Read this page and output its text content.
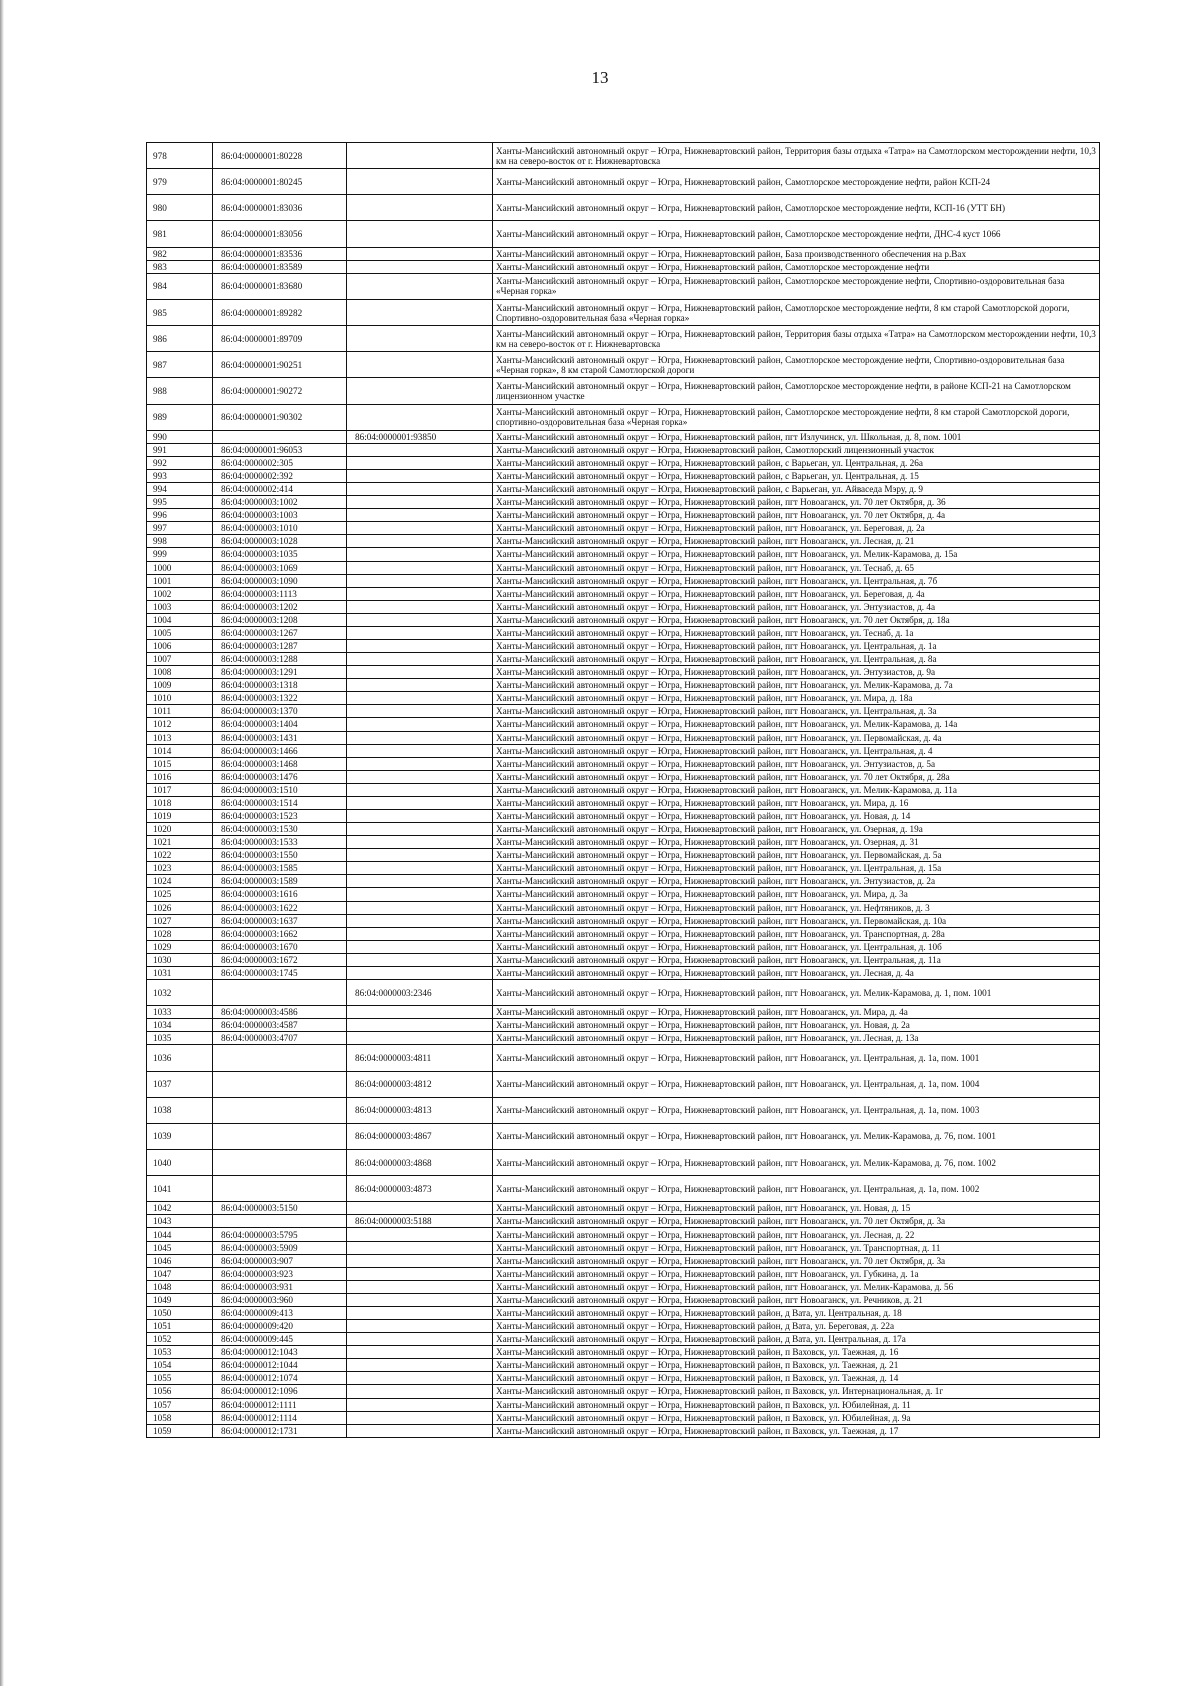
13
978	86:04:0000001:80228		Ханты-Мансийский автономный округ – Югра, Нижневартовский район, Территория базы отдыха «Татра» на Самотлорском месторождении нефти, 10,3 км на северо-восток от г. Нижневартовска
979	86:04:0000001:80245		Ханты-Мансийский автономный округ – Югра, Нижневартовский район, Самотлорское месторождение нефти, район КСП-24
980	86:04:0000001:83036		Ханты-Мансийский автономный округ – Югра, Нижневартовский район, Самотлорское месторождение нефти, КСП-16 (УТТ БН)
981	86:04:0000001:83056		Ханты-Мансийский автономный округ – Югра, Нижневартовский район, Самотлорское месторождение нефти, ДНС-4 куст 1066
982	86:04:0000001:83536		Ханты-Мансийский автономный округ – Югра, Нижневартовский район, База производственного обеспечения на р.Вах
983	86:04:0000001:83589		Ханты-Мансийский автономный округ – Югра, Нижневартовский район, Самотлорское месторождение нефти
984	86:04:0000001:83680		Ханты-Мансийский автономный округ – Югра, Нижневартовский район, Самотлорское месторождение нефти, Спортивно-оздоровительная база «Черная горка»
985	86:04:0000001:89282		Ханты-Мансийский автономный округ – Югра, Нижневартовский район, Самотлорское месторождение нефти, 8 км старой Самотлорской дороги, Спортивно-оздоровительная база «Черная горка»
986	86:04:0000001:89709		Ханты-Мансийский автономный округ – Югра, Нижневартовский район, Территория базы отдыха «Татра» на Самотлорском месторождении нефти, 10,3 км на северо-восток от г. Нижневартовска
987	86:04:0000001:90251		Ханты-Мансийский автономный округ – Югра, Нижневартовский район, Самотлорское месторождение нефти, Спортивно-оздоровительная база «Черная горка», 8 км старой Самотлорской дороги
988	86:04:0000001:90272		Ханты-Мансийский автономный округ – Югра, Нижневартовский район, Самотлорское месторождение нефти, в районе КСП-21 на Самотлорском лицензионном участке
989	86:04:0000001:90302		Ханты-Мансийский автономный округ – Югра, Нижневартовский район, Самотлорское месторождение нефти, 8 км старой Самотлорской дороги, спортивно-оздоровительная база «Черная горка»
990		86:04:0000001:93850	Ханты-Мансийский автономный округ – Югра, Нижневартовский район, пгт Излучинск, ул. Школьная, д. 8, пом. 1001
991	86:04:0000001:96053		Ханты-Мансийский автономный округ – Югра, Нижневартовский район, Самотлорский лицензионный участок
992	86:04:0000002:305		Ханты-Мансийский автономный округ – Югра, Нижневартовский район, с Ваpьеган, ул. Центральная, д. 26а
993	86:04:0000002:392		Ханты-Мансийский автономный округ – Югра, Нижневартовский район, с Варьеган, ул. Центральная, д. 15
994	86:04:0000002:414		Ханты-Мансийский автономный округ – Югра, Нижневартовский район, с Варьеган, ул. Айваседа Мэру, д. 9
995	86:04:0000003:1002		Ханты-Мансийский автономный округ – Югра, Нижневартовский район, пгт Новоаганск, ул. 70 лет Октября, д. 36
996	86:04:0000003:1003		Ханты-Мансийский автономный округ – Югра, Нижневартовский район, пгт Новоаганск, ул. 70 лет Октября, д. 4а
997	86:04:0000003:1010		Ханты-Мансийский автономный округ – Югра, Нижневартовский район, пгт Новоаганск, ул. Береговая, д. 2а
998	86:04:0000003:1028		Ханты-Мансийский автономный округ – Югра, Нижневартовский район, пгт Новоаганск, ул. Лесная, д. 21
999	86:04:0000003:1035		Ханты-Мансийский автономный округ – Югра, Нижневартовский район, пгт Новоаганск, ул. Мелик-Карамова, д. 15а
1000	86:04:0000003:1069		Ханты-Мансийский автономный округ – Югра, Нижневартовский район, пгт Новоаганск, ул. Теснаб, д. 65
1001	86:04:0000003:1090		Ханты-Мансийский автономный округ – Югра, Нижневартовский район, пгт Новоаганск, ул. Центральная, д. 7б
1002	86:04:0000003:1113		Ханты-Мансийский автономный округ – Югра, Нижневартовский район, пгт Новоаганск, ул. Береговая, д. 4а
1003	86:04:0000003:1202		Ханты-Мансийский автономный округ – Югра, Нижневартовский район, пгт Новоаганск, ул. Энтузиастов, д. 4а
1004	86:04:0000003:1208		Ханты-Мансийский автономный округ – Югра, Нижневартовский район, пгт Новоаганск, ул. 70 лет Октября, д. 18а
1005	86:04:0000003:1267		Ханты-Мансийский автономный округ – Югра, Нижневартовский район, пгт Новоаганск, ул. Теснаб, д. 1а
1006	86:04:0000003:1287		Ханты-Мансийский автономный округ – Югра, Нижневартовский район, пгт Новоаганск, ул. Центральная, д. 1а
1007	86:04:0000003:1288		Ханты-Мансийский автономный округ – Югра, Нижневартовский район, пгт Новоаганск, ул. Центральная, д. 8а
1008	86:04:0000003:1291		Ханты-Мансийский автономный округ – Югра, Нижневартовский район, пгт Новоаганск, ул. Энтузиастов, д. 9а
1009	86:04:0000003:1318		Ханты-Мансийский автономный округ – Югра, Нижневартовский район, пгт Новоаганск, ул. Мелик-Карамова, д. 7а
1010	86:04:0000003:1322		Ханты-Мансийский автономный округ – Югра, Нижневартовский район, пгт Новоаганск, ул. Мира, д. 18а
1011	86:04:0000003:1370		Ханты-Мансийский автономный округ – Югра, Нижневартовский район, пгт Новоаганск, ул. Центральная, д. 3а
1012	86:04:0000003:1404		Ханты-Мансийский автономный округ – Югра, Нижневартовский район, пгт Новоаганск, ул. Мелик-Карамова, д. 14а
1013	86:04:0000003:1431		Ханты-Мансийский автономный округ – Югра, Нижневартовский район, пгт Новоаганск, ул. Первомайская, д. 4а
1014	86:04:0000003:1466		Ханты-Мансийский автономный округ – Югра, Нижневартовский район, пгт Новоаганск, ул. Центральная, д. 4
1015	86:04:0000003:1468		Ханты-Мансийский автономный округ – Югра, Нижневартовский район, пгт Новоаганск, ул. Энтузиастов, д. 5а
1016	86:04:0000003:1476		Ханты-Мансийский автономный округ – Югра, Нижневартовский район, пгт Новоаганск, ул. 70 лет Октября, д. 28а
1017	86:04:0000003:1510		Ханты-Мансийский автономный округ – Югра, Нижневартовский район, пгт Новоаганск, ул. Мелик-Карамова, д. 11а
1018	86:04:0000003:1514		Ханты-Мансийский автономный округ – Югра, Нижневартовский район, пгт Новоаганск, ул. Мира, д. 16
1019	86:04:0000003:1523		Ханты-Мансийский автономный округ – Югра, Нижневартовский район, пгт Новоаганск, ул. Новая, д. 14
1020	86:04:0000003:1530		Ханты-Мансийский автономный округ – Югра, Нижневартовский район, пгт Новоаганск, ул. Озерная, д. 19а
1021	86:04:0000003:1533		Ханты-Мансийский автономный округ – Югра, Нижневартовский район, пгт Новоаганск, ул. Озерная, д. 31
1022	86:04:0000003:1550		Ханты-Мансийский автономный округ – Югра, Нижневартовский район, пгт Новоаганск, ул. Первомайская, д. 5а
1023	86:04:0000003:1585		Ханты-Мансийский автономный округ – Югра, Нижневартовский район, пгт Новоаганск, ул. Центральная, д. 15а
1024	86:04:0000003:1589		Ханты-Мансийский автономный округ – Югра, Нижневартовский район, пгт Новоаганск, ул. Энтузиастов, д. 2а
1025	86:04:0000003:1616		Ханты-Мансийский автономный округ – Югра, Нижневартовский район, пгт Новоаганск, ул. Мира, д. 3а
1026	86:04:0000003:1622		Ханты-Мансийский автономный округ – Югра, Нижневартовский район, пгт Новоаганск, ул. Нефтяников, д. 3
1027	86:04:0000003:1637		Ханты-Мансийский автономный округ – Югра, Нижневартовский район, пгт Новоаганск, ул. Первомайская, д. 10а
1028	86:04:0000003:1662		Ханты-Мансийский автономный округ – Югра, Нижневартовский район, пгт Новоаганск, ул. Транспортная, д. 28а
1029	86:04:0000003:1670		Ханты-Мансийский автономный округ – Югра, Нижневартовский район, пгт Новоаганск, ул. Центральная, д. 10б
1030	86:04:0000003:1672		Ханты-Мансийский автономный округ – Югра, Нижневартовский район, пгт Новоаганск, ул. Центральная, д. 11а
1031	86:04:0000003:1745		Ханты-Мансийский автономный округ – Югра, Нижневартовский район, пгт Новоаганск, ул. Лесная, д. 4а
1032		86:04:0000003:2346	Ханты-Мансийский автономный округ – Югра, Нижневартовский район, пгт Новоаганск, ул. Мелик-Карамова, д. 1, пом. 1001
1033	86:04:0000003:4586		Ханты-Мансийский автономный округ – Югра, Нижневартовский район, пгт Новоаганск, ул. Мира, д. 4а
1034	86:04:0000003:4587		Ханты-Мансийский автономный округ – Югра, Нижневартовский район, пгт Новоаганск, ул. Новая, д. 2а
1035	86:04:0000003:4707		Ханты-Мансийский автономный округ – Югра, Нижневартовский район, пгт Новоаганск, ул. Лесная, д. 13а
1036		86:04:0000003:4811	Ханты-Мансийский автономный округ – Югра, Нижневартовский район, пгт Новоаганск, ул. Центральная, д. 1а, пом. 1001
1037		86:04:0000003:4812	Ханты-Мансийский автономный округ – Югра, Нижневартовский район, пгт Новоаганск, ул. Центральная, д. 1а, пом. 1004
1038		86:04:0000003:4813	Ханты-Мансийский автономный округ – Югра, Нижневартовский район, пгт Новоаганск, ул. Центральная, д. 1а, пом. 1003
1039		86:04:0000003:4867	Ханты-Мансийский автономный округ – Югра, Нижневартовский район, пгт Новоаганск, ул. Мелик-Карамова, д. 76, пом. 1001
1040		86:04:0000003:4868	Ханты-Мансийский автономный округ – Югра, Нижневартовский район, пгт Новоаганск, ул. Мелик-Карамова, д. 76, пом. 1002
1041		86:04:0000003:4873	Ханты-Мансийский автономный округ – Югра, Нижневартовский район, пгт Новоаганск, ул. Центральная, д. 1а, пом. 1002
1042	86:04:0000003:5150		Ханты-Мансийский автономный округ – Югра, Нижневартовский район, пгт Новоаганск, ул. Новая, д. 15
1043		86:04:0000003:5188	Ханты-Мансийский автономный округ – Югра, Нижневартовский район, пгт Новоаганск, ул. 70 лет Октября, д. 3а
1044	86:04:0000003:5795		Ханты-Мансийский автономный округ – Югра, Нижневартовский район, пгт Новоаганск, ул. Лесная, д. 22
1045	86:04:0000003:5909		Ханты-Мансийский автономный округ – Югра, Нижневартовский район, пгт Новоаганск, ул. Транспортная, д. 11
1046	86:04:0000003:907		Ханты-Мансийский автономный округ – Югра, Нижневартовский район, пгт Новоаганск, ул. 70 лет Октября, д. 3а
1047	86:04:0000003:923		Ханты-Мансийский автономный округ – Югра, Нижневартовский район, пгт Новоаганск, ул. Губкина, д. 1а
1048	86:04:0000003:931		Ханты-Мансийский автономный округ – Югра, Нижневартовский район, пгт Новоаганск, ул. Мелик-Карамова, д. 56
1049	86:04:0000003:960		Ханты-Мансийский автономный округ – Югра, Нижневартовский район, пгт Новоаганск, ул. Речников, д. 21
1050	86:04:0000009:413		Ханты-Мансийский автономный округ – Югра, Нижневартовский район, д Вата, ул. Центральная, д. 18
1051	86:04:0000009:420		Ханты-Мансийский автономный округ – Югра, Нижневартовский район, д Вата, ул. Береговая, д. 22а
1052	86:04:0000009:445		Ханты-Мансийский автономный округ – Югра, Нижневартовский район, д Вата, ул. Центральная, д. 17а
1053	86:04:0000012:1043		Ханты-Мансийский автономный округ – Югра, Нижневартовский район, п Ваховск, ул. Таежная, д. 16
1054	86:04:0000012:1044		Ханты-Мансийский автономный округ – Югра, Нижневартовский район, п Ваховск, ул. Таежная, д. 21
1055	86:04:0000012:1074		Ханты-Мансийский автономный округ – Югра, Нижневартовский район, п Ваховск, ул. Таежная, д. 14
1056	86:04:0000012:1096		Ханты-Мансийский автономный округ – Югра, Нижневартовский район, п Ваховск, ул. Интернациональная, д. 1г
1057	86:04:0000012:1111		Ханты-Мансийский автономный округ – Югра, Нижневартовский район, п Ваховск, ул. Юбилейная, д. 11
1058	86:04:0000012:1114		Ханты-Мансийский автономный округ – Югра, Нижневартовский район, п Ваховск, ул. Юбилейная, д. 9а
1059	86:04:0000012:1731		Ханты-Мансийский автономный округ – Югра, Нижневартовский район, п Ваховск, ул. Таежная, д. 17
